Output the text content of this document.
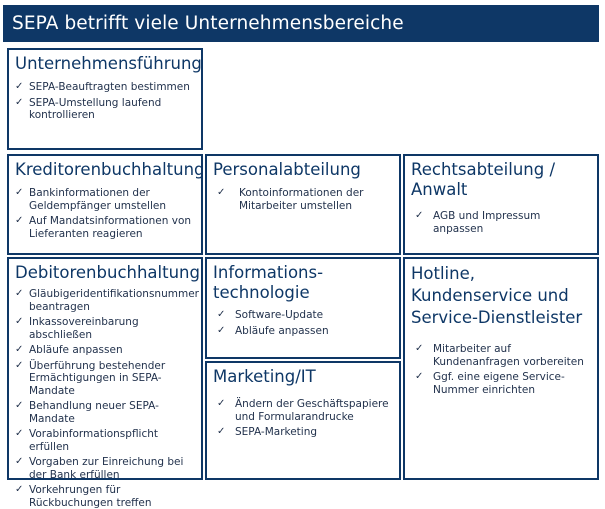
SEPA betrifft viele Unternehmensbereiche
Unternehmensführung
✓ SEPA-Beauftragten bestimmen
✓ SEPA-Umstellung laufend kontrollieren
Kreditorenbuchhaltung
✓ Bankinformationen der Geldempfänger umstellen
✓ Auf Mandatsinformationen von Lieferanten reagieren
Personalabteilung
✓ Kontoinformationen der Mitarbeiter umstellen
Rechtsabteilung / Anwalt
✓ AGB und Impressum anpassen
Debitorenbuchhaltung
✓ Gläubigeridentifikationsnummer beantragen
✓ Inkassovereinbarung abschließen
✓ Abläufe anpassen
✓ Überführung bestehender Ermächtigungen in SEPA-Mandate
✓ Behandlung neuer SEPA-Mandate
✓ Vorabinformationspflicht erfüllen
✓ Vorgaben zur Einreichung bei der Bank erfüllen
✓ Vorkehrungen für Rückbuchungen treffen
Informations-technologie
✓ Software-Update
✓ Abläufe anpassen
Marketing/IT
✓ Ändern der Geschäftspapiere und Formularandrucke
✓ SEPA-Marketing
Hotline, Kundenservice und Service-Dienstleister
✓ Mitarbeiter auf Kundenanfragen vorbereiten
✓ Ggf. eine eigene Service-Nummer einrichten
